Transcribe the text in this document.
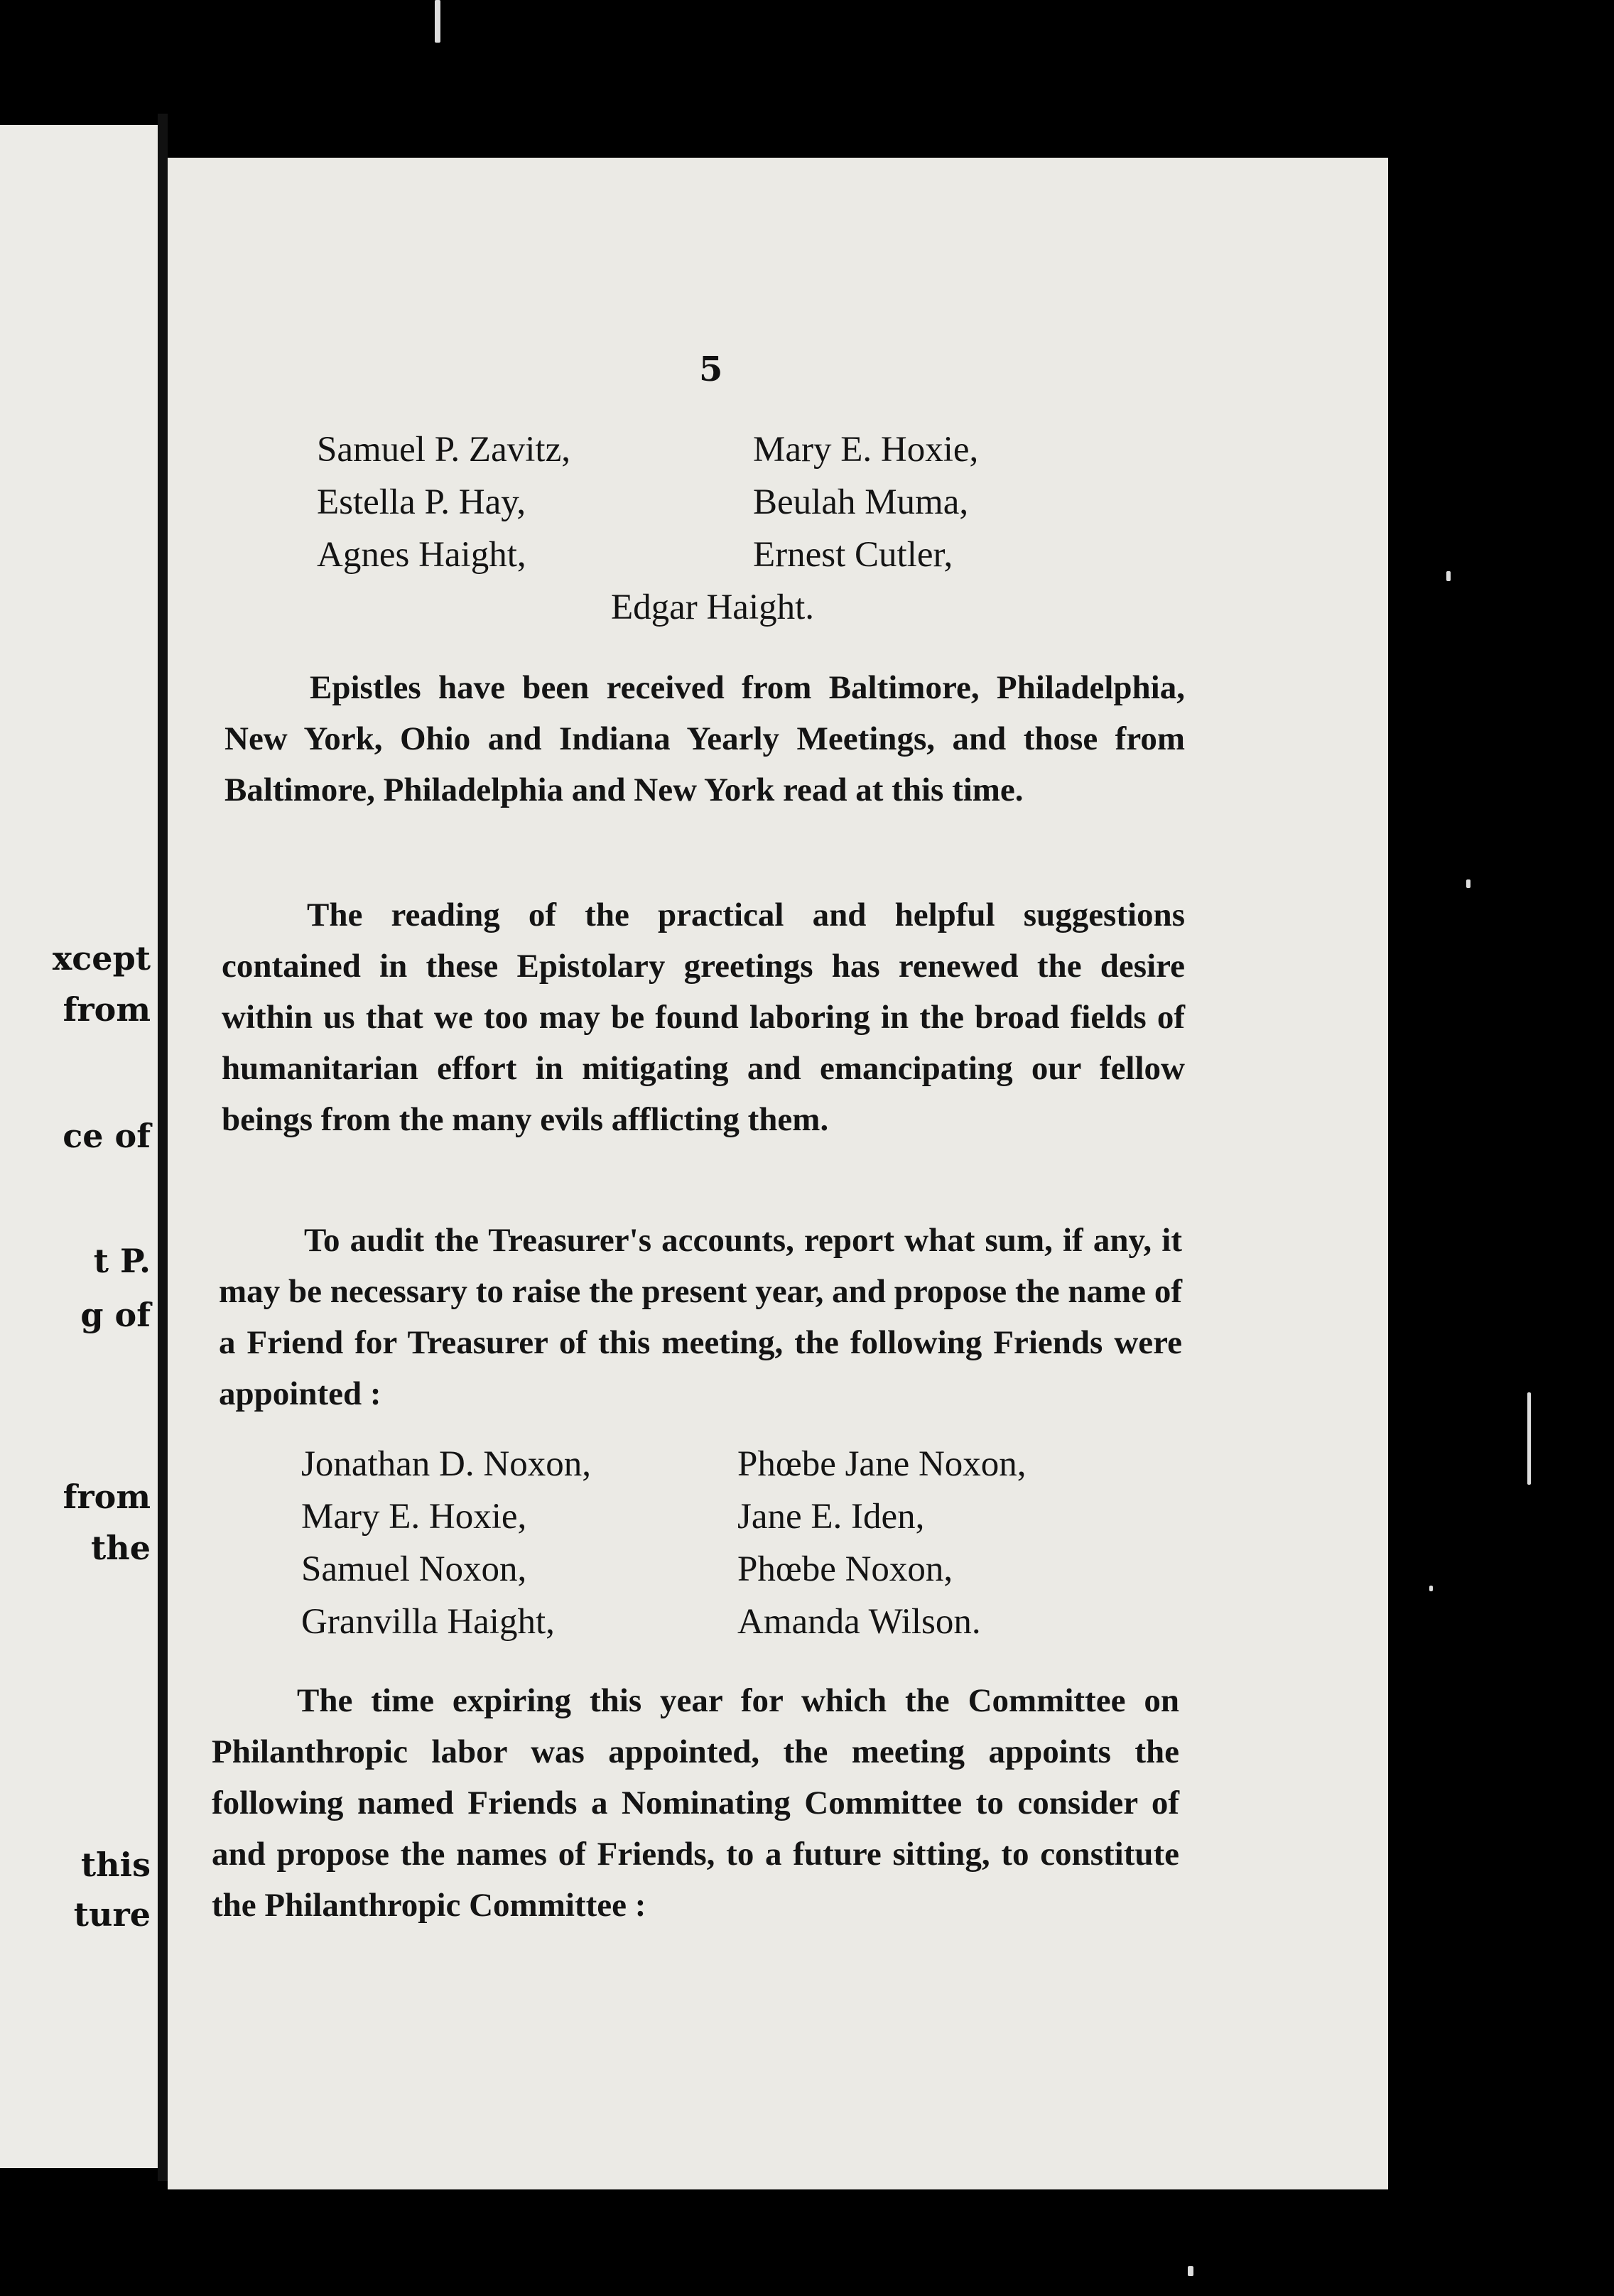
xcept

from

ce of

t P.

g of

from

the

this

ture

5

Samuel P. Zavitz,	Mary E. Hoxie,
Estella P. Hay,	Beulah Muma,
Agnes Haight,	Ernest Cutler,
Edgar Haight.

Epistles have been received from Baltimore, Philadelphia, New York, Ohio and Indiana Yearly Meetings, and those from Baltimore, Philadelphia and New York read at this time.

The reading of the practical and helpful suggestions contained in these Epistolary greetings has renewed the desire within us that we too may be found laboring in the broad fields of humanitarian effort in mitigating and emancipating our fellow beings from the many evils afflicting them.

To audit the Treasurer's accounts, report what sum, if any, it may be necessary to raise the present year, and propose the name of a Friend for Treasurer of this meeting, the following Friends were appointed :

Jonathan D. Noxon,	Phœbe Jane Noxon,
Mary E. Hoxie,	Jane E. Iden,
Samuel Noxon,	Phœbe Noxon,
Granvilla Haight,	Amanda Wilson.

The time expiring this year for which the Committee on Philanthropic labor was appointed, the meeting appoints the following named Friends a Nominating Committee to consider of and propose the names of Friends, to a future sitting, to constitute the Philanthropic Committee :
